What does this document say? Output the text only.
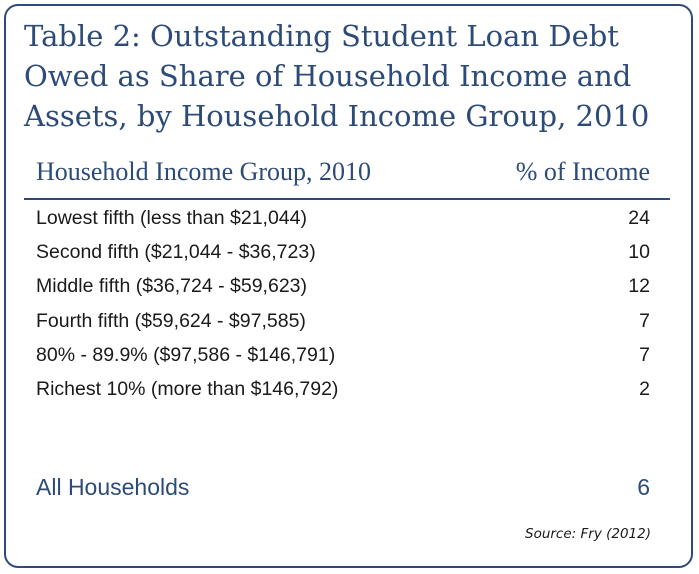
Table 2: Outstanding Student Loan Debt Owed as Share of Household Income and Assets, by Household Income Group, 2010
Household Income Group, 2010	% of Income
Lowest fifth (less than $21,044)	24
Second fifth ($21,044 - $36,723)	10
Middle fifth ($36,724 - $59,623)	12
Fourth fifth ($59,624 - $97,585)	7
80% - 89.9% ($97,586 - $146,791)	7
Richest 10% (more than $146,792)	2
All Households	6
Source: Fry (2012)
